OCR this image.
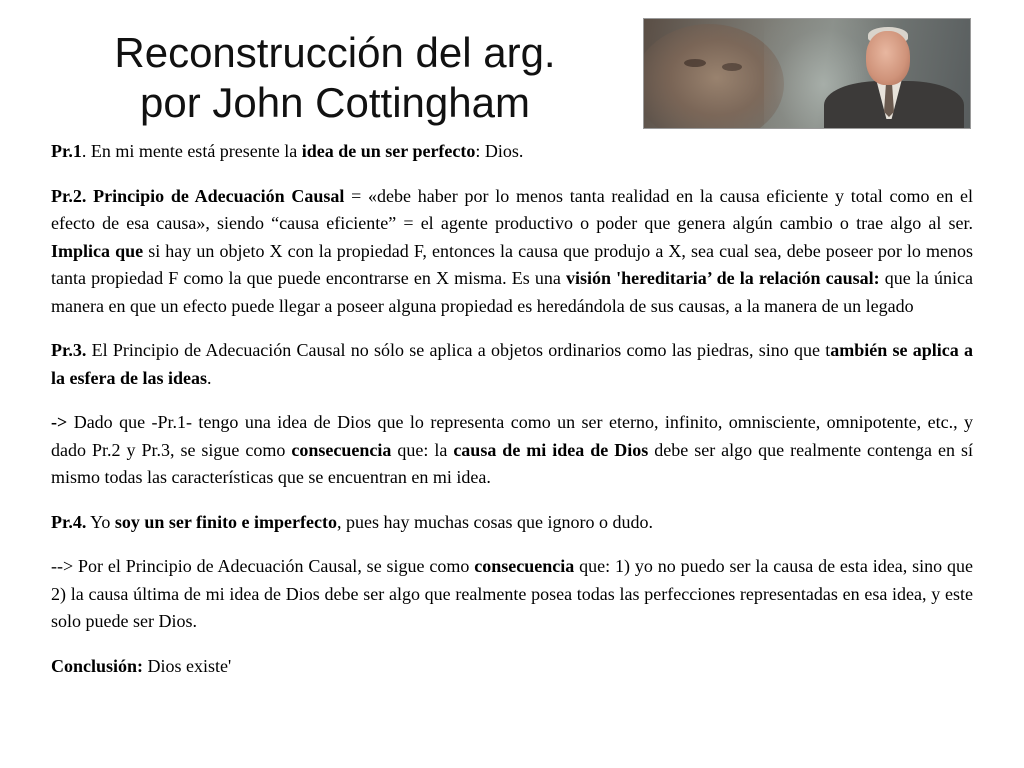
Reconstrucción del arg.
por John Cottingham

Pr.1. En mi mente está presente la idea de un ser perfecto: Dios.

Pr.2. Principio de Adecuación Causal = «debe haber por lo menos tanta realidad en la causa eficiente y total como en el efecto de esa causa», siendo “causa eficiente” = el agente productivo o poder que genera algún cambio o trae algo al ser. Implica que si hay un objeto X con la propiedad F, entonces la causa que produjo a X, sea cual sea, debe poseer por lo menos tanta propiedad F como la que puede encontrarse en X misma. Es una visión 'hereditaria’ de la relación causal: que la única manera en que un efecto puede llegar a poseer alguna propiedad es heredándola de sus causas, a la manera de un legado

Pr.3. El Principio de Adecuación Causal no sólo se aplica a objetos ordinarios como las piedras, sino que también se aplica a la esfera de las ideas.

-> Dado que -Pr.1- tengo una idea de Dios que lo representa como un ser eterno, infinito, omnisciente, omnipotente, etc., y dado Pr.2 y Pr.3, se sigue como consecuencia que: la causa de mi idea de Dios debe ser algo que realmente contenga en sí mismo todas las características que se encuentran en mi idea.

Pr.4. Yo soy un ser finito e imperfecto, pues hay muchas cosas que ignoro o dudo.

--> Por el Principio de Adecuación Causal, se sigue como consecuencia que: 1) yo no puedo ser la causa de esta idea, sino que 2) la causa última de mi idea de Dios debe ser algo que realmente posea todas las perfecciones representadas en esa idea, y este solo puede ser Dios.

Conclusión: Dios existe'
